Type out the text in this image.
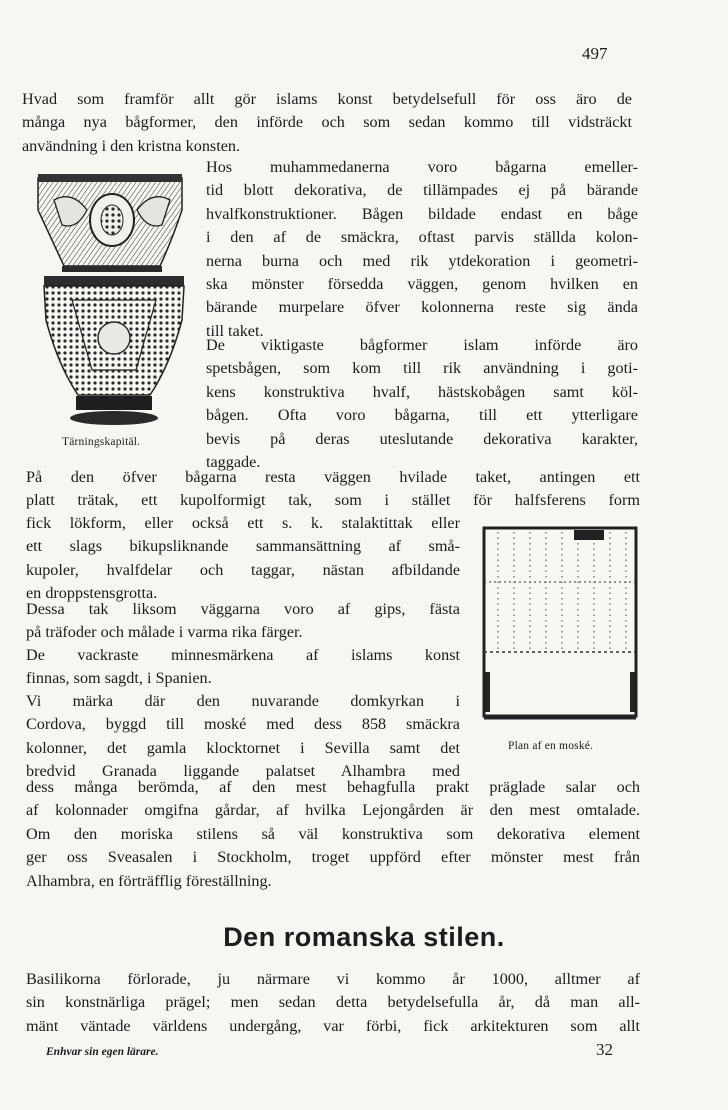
497
Hvad som framför allt gör islams konst betydelsefull för oss äro de
många nya bågformer, den införde och som sedan kommo till vidsträckt
användning i den kristna konsten.
Tärningskapitäl.
Hos muhammedanerna voro bågarna emeller-
tid blott dekorativa, de tillämpades ej på bärande
hvalfkonstruktioner. Bågen bildade endast en båge
i den af de smäckra, oftast parvis ställda kolon-
nerna burna och med rik ytdekoration i geometri-
ska mönster försedda väggen, genom hvilken en
bärande murpelare öfver kolonnerna reste sig ända
till taket.
De viktigaste bågformer islam införde äro
spetsbågen, som kom till rik användning i goti-
kens konstruktiva hvalf, hästskobågen samt köl-
bågen. Ofta voro bågarna, till ett ytterligare
bevis på deras uteslutande dekorativa karakter,
taggade.
På den öfver bågarna resta väggen hvilade taket, antingen ett
platt trätak, ett kupolformigt tak, som i stället för halfsferens form
fick lökform, eller också ett s. k. stalaktittak eller
ett slags bikupsliknande sammansättning af små-
kupoler, hvalfdelar och taggar, nästan afbildande
en droppstensgrotta.
Dessa tak liksom väggarna voro af gips, fästa
på träfoder och målade i varma rika färger.
De vackraste minnesmärkena af islams konst
finnas, som sagdt, i Spanien.
Vi märka där den nuvarande domkyrkan i
Cordova, byggd till moské med dess 858 smäckra
kolonner, det gamla klocktornet i Sevilla samt det
bredvid Granada liggande palatset Alhambra med
Plan af en moské.
dess många berömda, af den mest behagfulla prakt präglade salar och
af kolonnader omgifna gårdar, af hvilka Lejongården är den mest omtalade.
Om den moriska stilens så väl konstruktiva som dekorativa element
ger oss Sveasalen i Stockholm, troget uppförd efter mönster mest från
Alhambra, en förträfflig föreställning.
Den romanska stilen.
Basilikorna förlorade, ju närmare vi kommo år 1000, alltmer af
sin konstnärliga prägel; men sedan detta betydelsefulla år, då man all-
mänt väntade världens undergång, var förbi, fick arkitekturen som allt
Enhvar sin egen lärare.	32
